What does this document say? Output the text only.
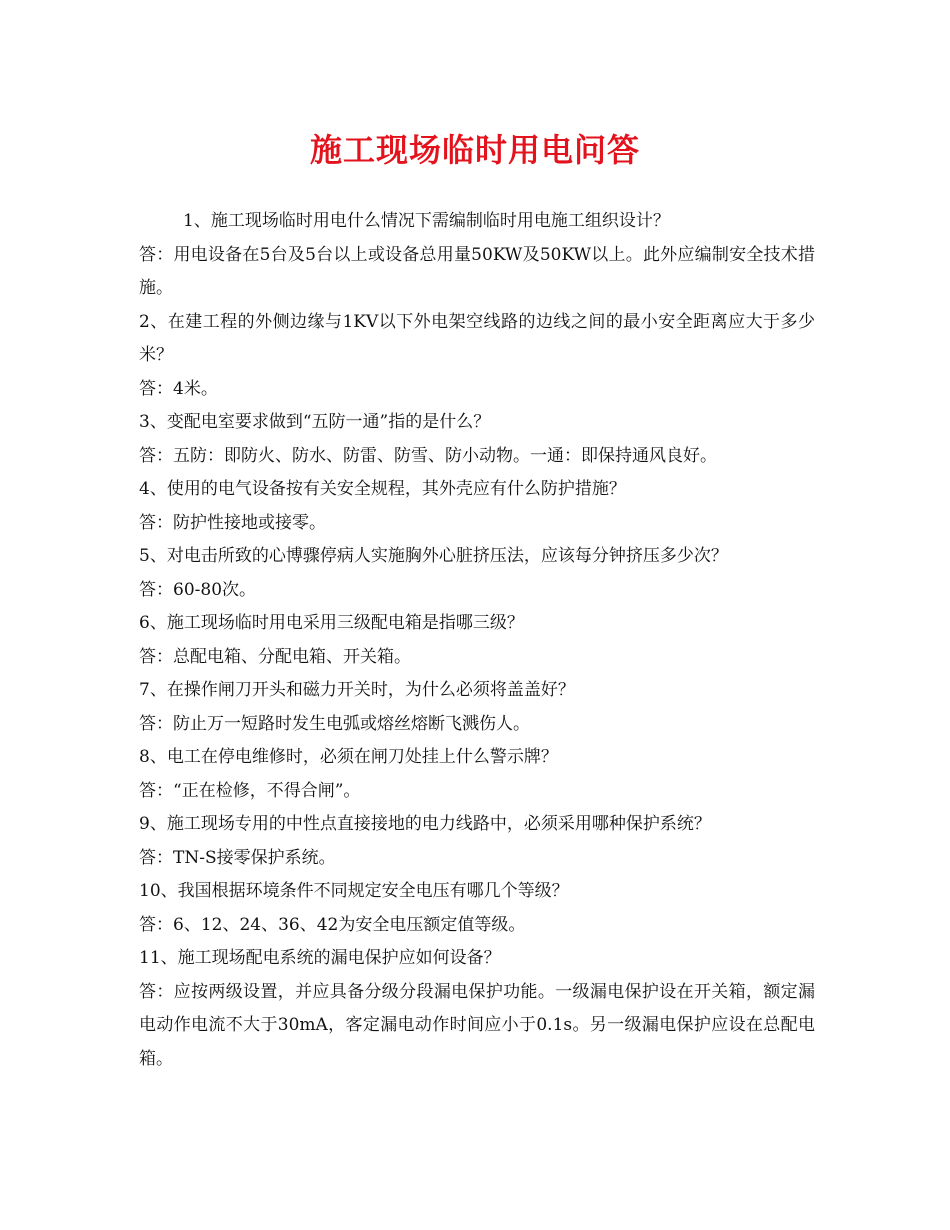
施工现场临时用电问答

1、施工现场临时用电什么情况下需编制临时用电施工组织设计？

答：用电设备在5台及5台以上或设备总用量50KW及50KW以上。此外应编制安全技术措施。

2、在建工程的外侧边缘与1KV以下外电架空线路的边线之间的最小安全距离应大于多少米？

答：4米。

3、变配电室要求做到“五防一通”指的是什么？

答：五防：即防火、防水、防雷、防雪、防小动物。一通：即保持通风良好。

4、使用的电气设备按有关安全规程，其外壳应有什么防护措施？

答：防护性接地或接零。

5、对电击所致的心博骤停病人实施胸外心脏挤压法，应该每分钟挤压多少次？

答：60-80次。

6、施工现场临时用电采用三级配电箱是指哪三级？

答：总配电箱、分配电箱、开关箱。

7、在操作闸刀开头和磁力开关时，为什么必须将盖盖好？

答：防止万一短路时发生电弧或熔丝熔断飞溅伤人。

8、电工在停电维修时，必须在闸刀处挂上什么警示牌？

答：“正在检修，不得合闸”。

9、施工现场专用的中性点直接接地的电力线路中，必须采用哪种保护系统？

答：TN-S接零保护系统。

10、我国根据环境条件不同规定安全电压有哪几个等级？

答：6、12、24、36、42为安全电压额定值等级。

11、施工现场配电系统的漏电保护应如何设备？

答：应按两级设置，并应具备分级分段漏电保护功能。一级漏电保护设在开关箱，额定漏电动作电流不大于30mA，客定漏电动作时间应小于0.1s。另一级漏电保护应设在总配电箱。
